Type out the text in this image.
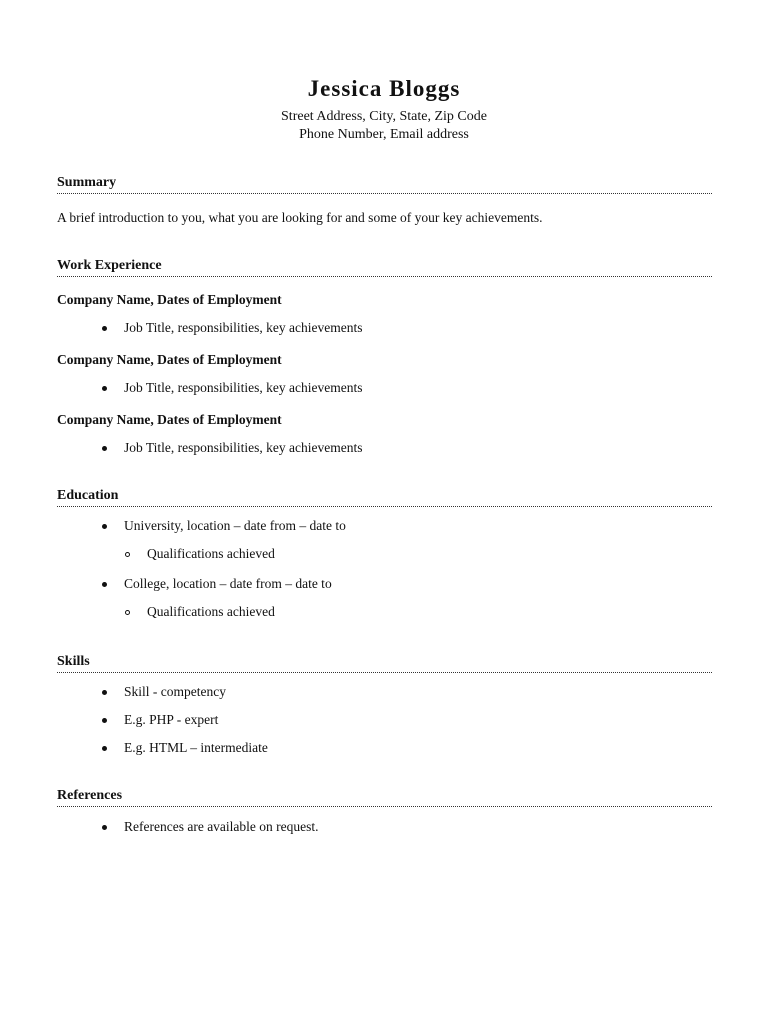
Jessica Bloggs
Street Address, City, State, Zip Code
Phone Number, Email address
Summary
A brief introduction to you, what you are looking for and some of your key achievements.
Work Experience
Company Name, Dates of Employment
Job Title, responsibilities, key achievements
Company Name, Dates of Employment
Job Title, responsibilities, key achievements
Company Name, Dates of Employment
Job Title, responsibilities, key achievements
Education
University, location – date from – date to
Qualifications achieved
College, location – date from – date to
Qualifications achieved
Skills
Skill - competency
E.g. PHP - expert
E.g. HTML – intermediate
References
References are available on request.
